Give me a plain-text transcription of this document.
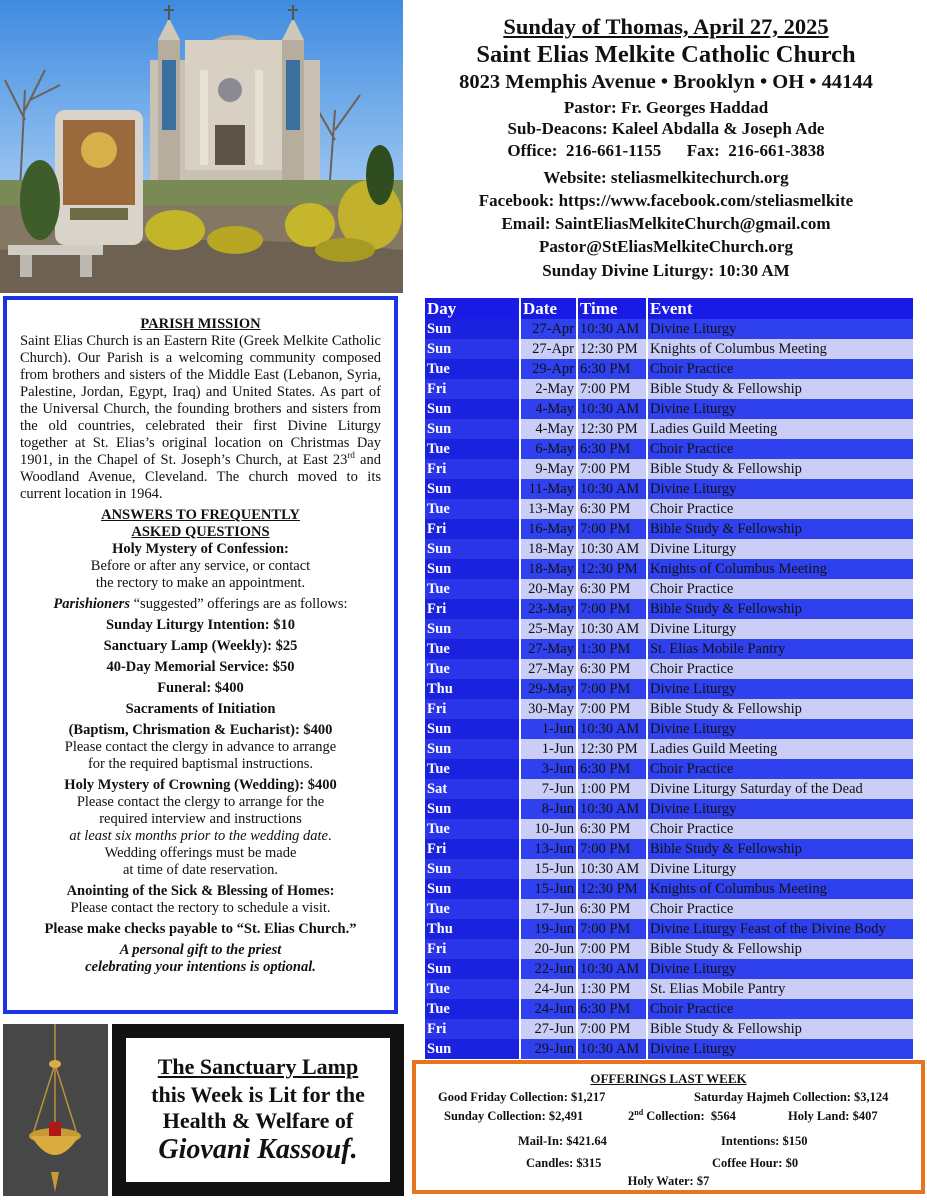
Sunday of Thomas, April 27, 2025
Saint Elias Melkite Catholic Church
8023 Memphis Avenue • Brooklyn • OH • 44144
Pastor: Fr. Georges Haddad
Sub-Deacons: Kaleel Abdalla & Joseph Ade
Office:  216-661-1155      Fax:  216-661-3838
Website: steliasmelkitechurch.org
Facebook: https://www.facebook.com/steliasmelkite
Email: SaintEliasMelkiteChurch@gmail.com
Pastor@StEliasMelkiteChurch.org
Sunday Divine Liturgy: 10:30 AM
PARISH MISSION

Saint Elias Church is an Eastern Rite (Greek Melkite Catholic Church). Our Parish is a welcoming community composed from brothers and sisters of the Middle East (Lebanon, Syria, Palestine, Jordan, Egypt, Iraq) and United States. As part of the Universal Church, the founding brothers and sisters from the old countries, celebrated their first Divine Liturgy together at St. Elias’s original location on Christmas Day 1901, in the Chapel of St. Joseph’s Church, at East 23rd and Woodland Avenue, Cleveland. The church moved to its current location in 1964.

ANSWERS TO FREQUENTLY
ASKED QUESTIONS
Holy Mystery of Confession:
Before or after any service, or contact
the rectory to make an appointment.
Parishioners “suggested” offerings are as follows:
Sunday Liturgy Intention: $10
Sanctuary Lamp (Weekly): $25
40-Day Memorial Service: $50
Funeral: $400
Sacraments of Initiation
(Baptism, Chrismation & Eucharist): $400
Please contact the clergy in advance to arrange
for the required baptismal instructions.
Holy Mystery of Crowning (Wedding): $400
Please contact the clergy to arrange for the
required interview and instructions
at least six months prior to the wedding date.
Wedding offerings must be made
at time of date reservation.
Anointing of the Sick & Blessing of Homes:
Please contact the rectory to schedule a visit.
Please make checks payable to “St. Elias Church.”
A personal gift to the priest
celebrating your intentions is optional.
Day	Date	Time	Event
Sun	27-Apr	10:30 AM	Divine Liturgy
Sun	27-Apr	12:30 PM	Knights of Columbus Meeting
Tue	29-Apr	6:30 PM	Choir Practice
Fri	2-May	7:00 PM	Bible Study & Fellowship
Sun	4-May	10:30 AM	Divine Liturgy
Sun	4-May	12:30 PM	Ladies Guild Meeting
Tue	6-May	6:30 PM	Choir Practice
Fri	9-May	7:00 PM	Bible Study & Fellowship
Sun	11-May	10:30 AM	Divine Liturgy
Tue	13-May	6:30 PM	Choir Practice
Fri	16-May	7:00 PM	Bible Study & Fellowship
Sun	18-May	10:30 AM	Divine Liturgy
Sun	18-May	12:30 PM	Knights of Columbus Meeting
Tue	20-May	6:30 PM	Choir Practice
Fri	23-May	7:00 PM	Bible Study & Fellowship
Sun	25-May	10:30 AM	Divine Liturgy
Tue	27-May	1:30 PM	St. Elias Mobile Pantry
Tue	27-May	6:30 PM	Choir Practice
Thu	29-May	7:00 PM	Divine Liturgy
Fri	30-May	7:00 PM	Bible Study & Fellowship
Sun	1-Jun	10:30 AM	Divine Liturgy
Sun	1-Jun	12:30 PM	Ladies Guild Meeting
Tue	3-Jun	6:30 PM	Choir Practice
Sat	7-Jun	1:00 PM	Divine Liturgy Saturday of the Dead
Sun	8-Jun	10:30 AM	Divine Liturgy
Tue	10-Jun	6:30 PM	Choir Practice
Fri	13-Jun	7:00 PM	Bible Study & Fellowship
Sun	15-Jun	10:30 AM	Divine Liturgy
Sun	15-Jun	12:30 PM	Knights of Columbus Meeting
Tue	17-Jun	6:30 PM	Choir Practice
Thu	19-Jun	7:00 PM	Divine Liturgy Feast of the Divine Body
Fri	20-Jun	7:00 PM	Bible Study & Fellowship
Sun	22-Jun	10:30 AM	Divine Liturgy
Tue	24-Jun	1:30 PM	St. Elias Mobile Pantry
Tue	24-Jun	6:30 PM	Choir Practice
Fri	27-Jun	7:00 PM	Bible Study & Fellowship
Sun	29-Jun	10:30 AM	Divine Liturgy
OFFERINGS LAST WEEK
Good Friday Collection: $1,217	Saturday Hajmeh Collection: $3,124
Sunday Collection: $2,491	2nd Collection:  $564	Holy Land: $407
Mail-In: $421.64	Intentions: $150
Candles: $315	Coffee Hour: $0
Holy Water: $7
The Sanctuary Lamp
this Week is Lit for the
Health & Welfare of
Giovani Kassouf.
